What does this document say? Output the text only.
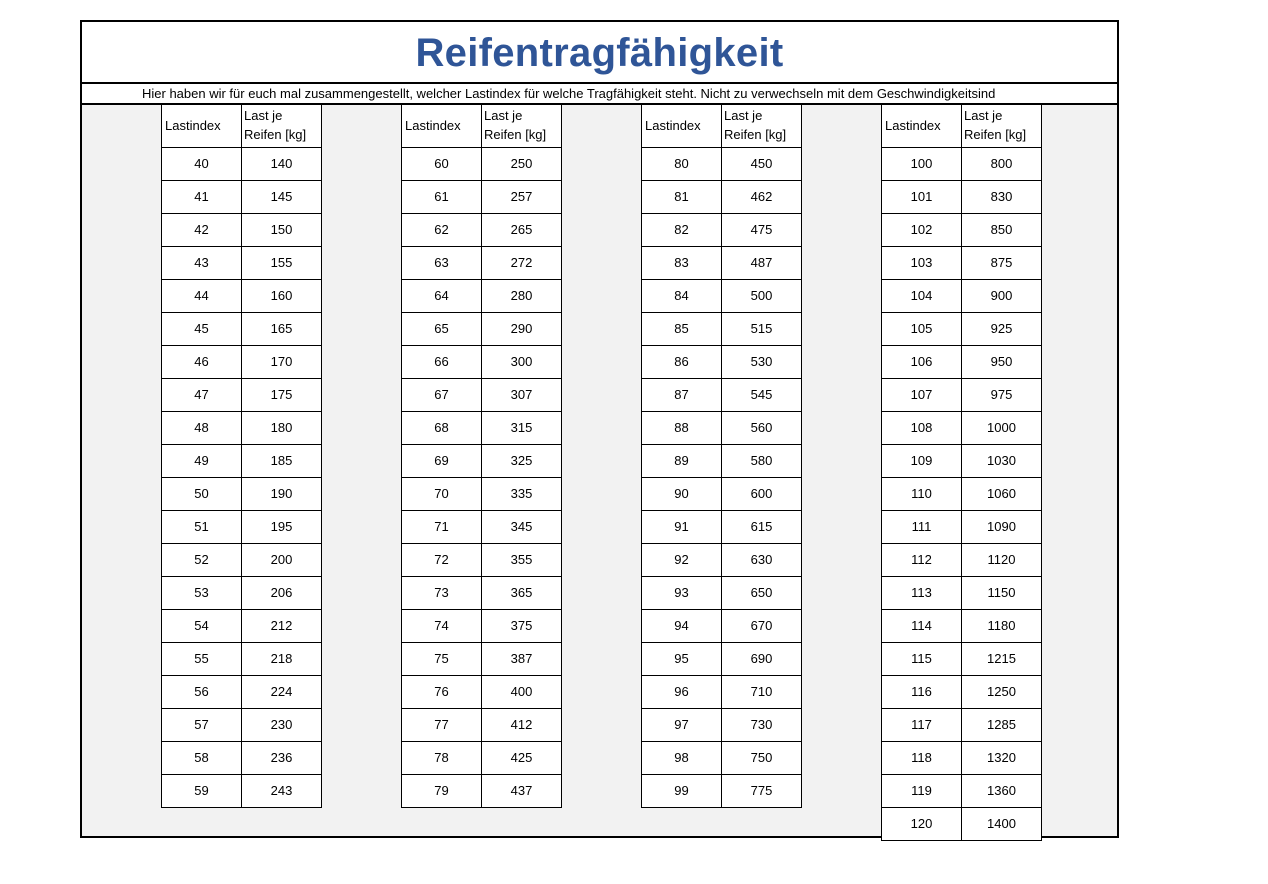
Reifentragfähigkeit
Hier haben wir für euch mal zusammengestellt, welcher Lastindex für welche Tragfähigkeit steht. Nicht zu verwechseln mit dem Geschwindigkeitsind
Lastindex
Last je
Reifen [kg]
40	140
41	145
42	150
43	155
44	160
45	165
46	170
47	175
48	180
49	185
50	190
51	195
52	200
53	206
54	212
55	218
56	224
57	230
58	236
59	243
Lastindex
Last je
Reifen [kg]
60	250
61	257
62	265
63	272
64	280
65	290
66	300
67	307
68	315
69	325
70	335
71	345
72	355
73	365
74	375
75	387
76	400
77	412
78	425
79	437
Lastindex
Last je
Reifen [kg]
80	450
81	462
82	475
83	487
84	500
85	515
86	530
87	545
88	560
89	580
90	600
91	615
92	630
93	650
94	670
95	690
96	710
97	730
98	750
99	775
Lastindex
Last je
Reifen [kg]
100	800
101	830
102	850
103	875
104	900
105	925
106	950
107	975
108	1000
109	1030
110	1060
111	1090
112	1120
113	1150
114	1180
115	1215
116	1250
117	1285
118	1320
119	1360
120	1400
